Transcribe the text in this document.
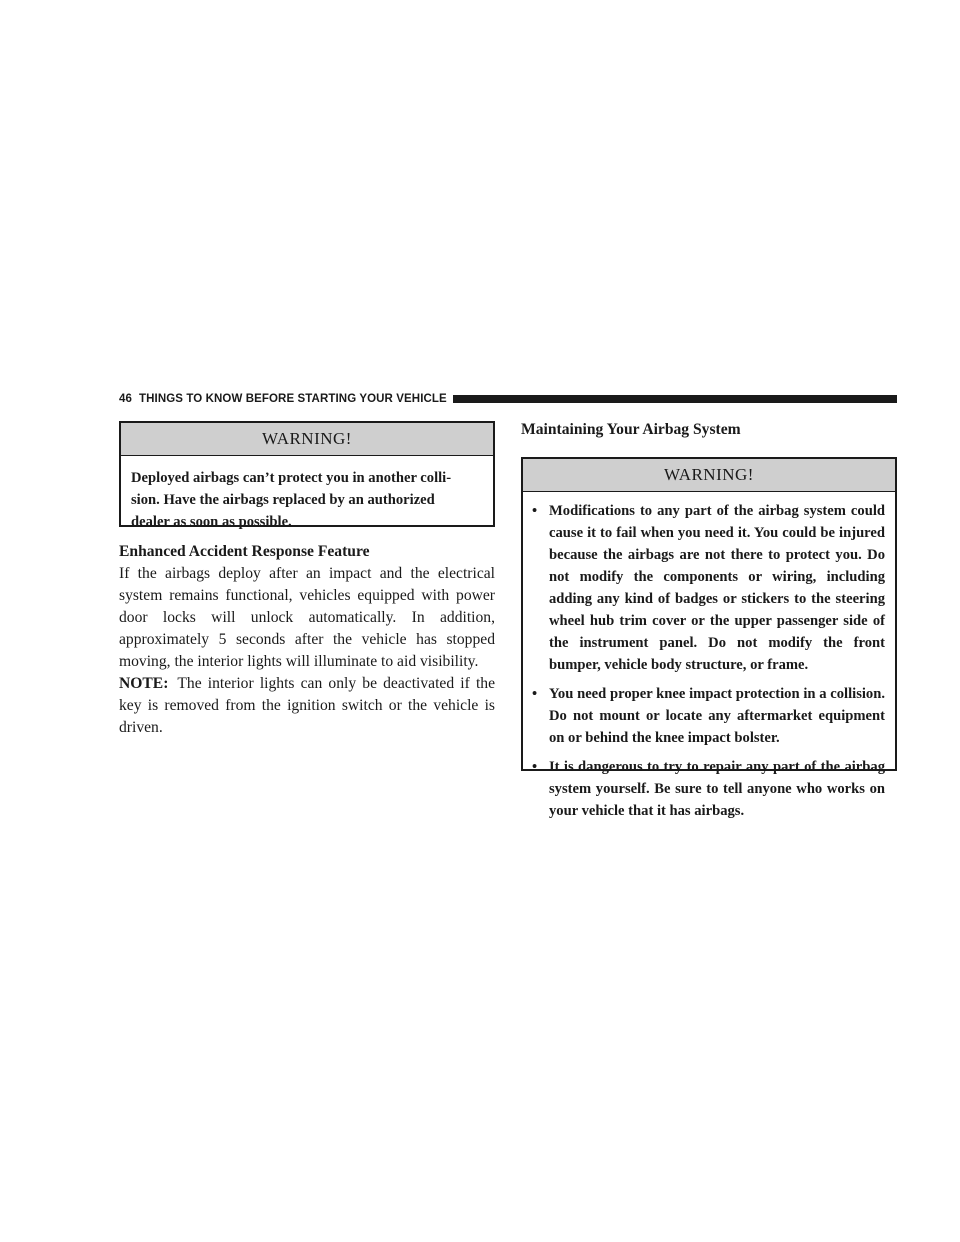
46 THINGS TO KNOW BEFORE STARTING YOUR VEHICLE
WARNING!
Deployed airbags can’t protect you in another colli-
sion. Have the airbags replaced by an authorized
dealer as soon as possible.
Enhanced Accident Response Feature
If the airbags deploy after an impact and the electrical system remains functional, vehicles equipped with power door locks will unlock automatically. In addition, approximately 5 seconds after the vehicle has stopped moving, the interior lights will illuminate to aid visibility.
NOTE: The interior lights can only be deactivated if the key is removed from the ignition switch or the vehicle is driven.
Maintaining Your Airbag System
WARNING!
• Modifications to any part of the airbag system could cause it to fail when you need it. You could be injured because the airbags are not there to protect you. Do not modify the components or wiring, including adding any kind of badges or stickers to the steering wheel hub trim cover or the upper passenger side of the instrument panel. Do not modify the front bumper, vehicle body structure, or frame.
• You need proper knee impact protection in a collision. Do not mount or locate any aftermarket equipment on or behind the knee impact bolster.
• It is dangerous to try to repair any part of the airbag system yourself. Be sure to tell anyone who works on your vehicle that it has airbags.
